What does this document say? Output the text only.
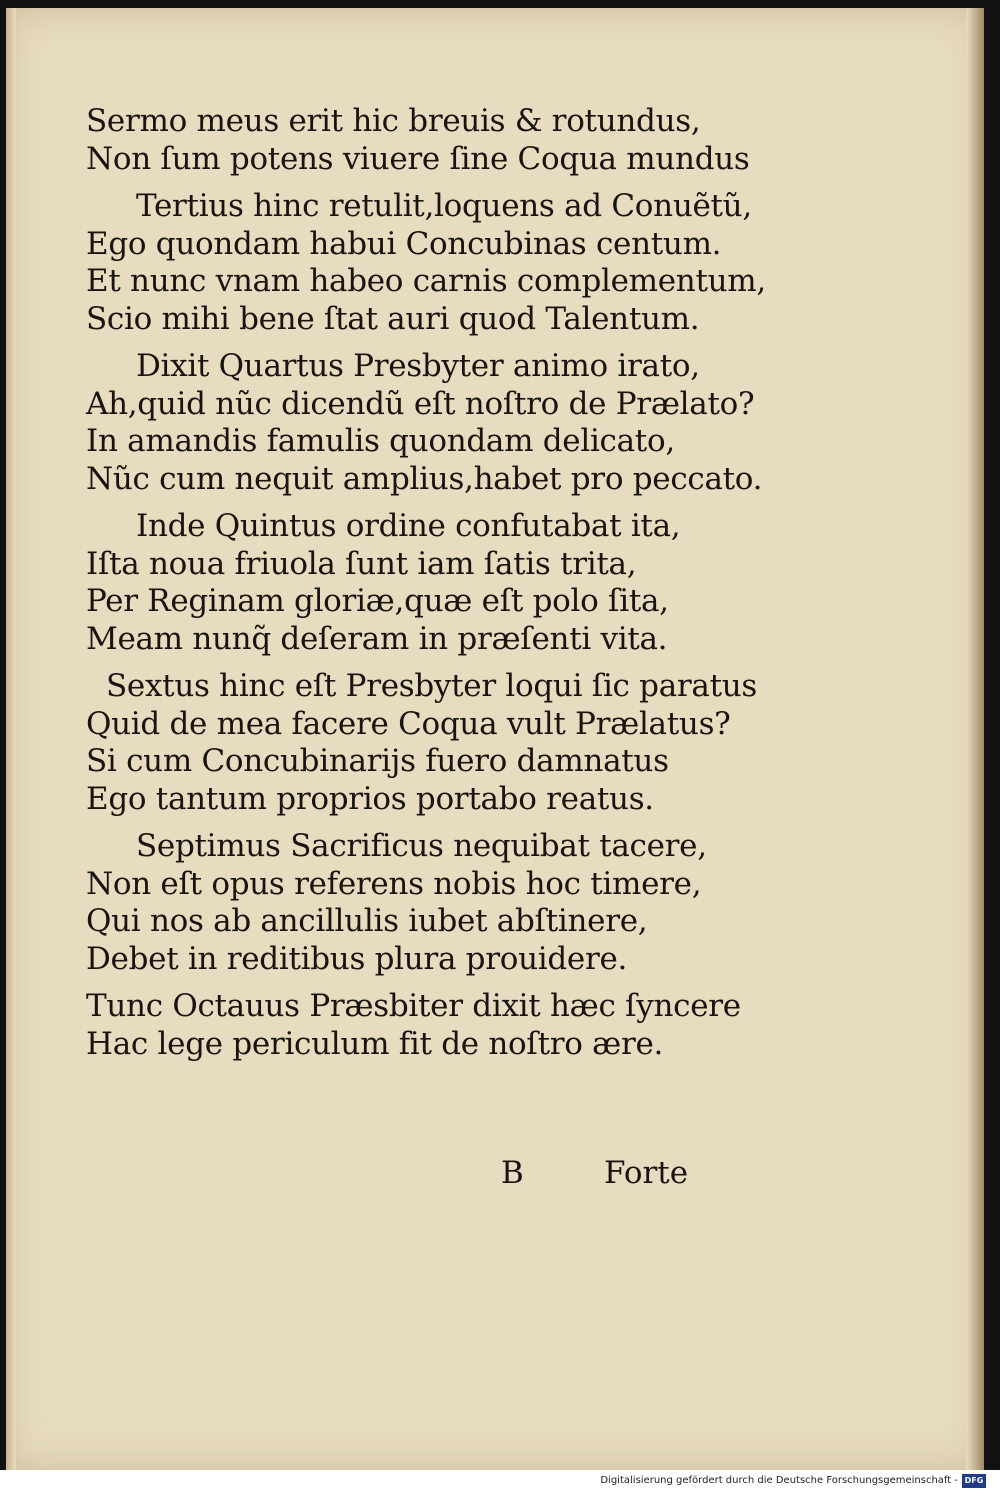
Sermo meus erit hic breuis & rotundus,
Non ſum potens viuere ſine Coqua mundus
Tertius hinc retulit,loquens ad Conuẽtũ,
Ego quondam habui Concubinas centum.
Et nunc vnam habeo carnis complementum,
Scio mihi bene ſtat auri quod Talentum.
Dixit Quartus Presbyter animo irato,
Ah,quid nũc dicendũ eſt noſtro de Prælato?
In amandis famulis quondam delicato,
Nũc cum nequit amplius,habet pro peccato.
Inde Quintus ordine confutabat ita,
Iſta noua friuola ſunt iam ſatis trita,
Per Reginam gloriæ,quæ eſt polo ſita,
Meam nunq̃ deſeram in præſenti vita.
Sextus hinc eſt Presbyter loqui ſic paratus
Quid de mea facere Coqua vult Prælatus?
Si cum Concubinarijs fuero damnatus
Ego tantum proprios portabo reatus.
Septimus Sacrificus nequibat tacere,
Non eſt opus referens nobis hoc timere,
Qui nos ab ancillulis iubet abſtinere,
Debet in reditibus plura prouidere.
Tunc Octauus Præsbiter dixit hæc ſyncere
Hac lege periculum fit de noſtro ære.
B	Forte
Digitalisierung gefördert durch die Deutsche Forschungsgemeinschaft - DFG
